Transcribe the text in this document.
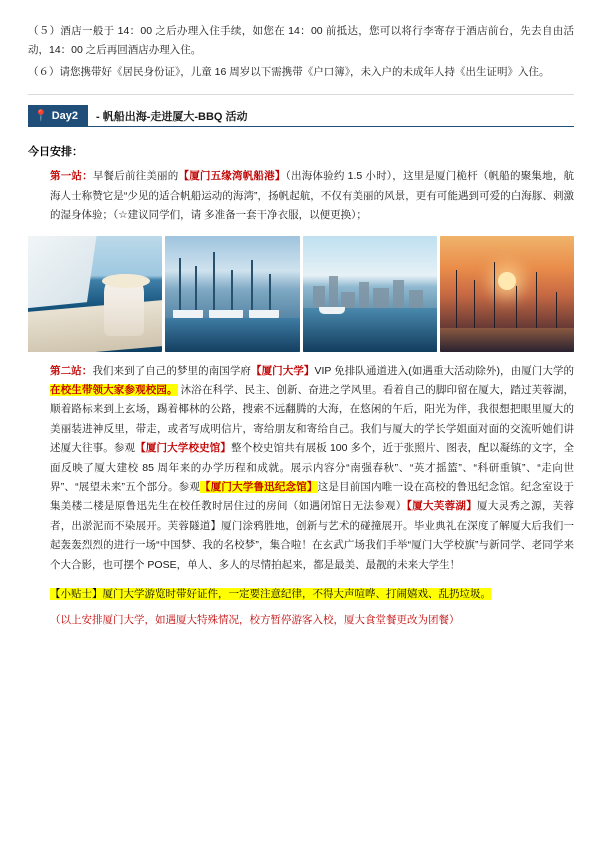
（５）酒店一般于 14：00 之后办理入住手续，如您在 14：00 前抵达，您可以将行李寄存于酒店前台，先去自由活动，14：00 之后再回酒店办理入住。

（６）请您携带好《居民身份证》，儿童 16 周岁以下需携带《户口簿》，未入户的未成年人持《出生证明》入住。

📍 Day2	- 帆船出海-走进厦大-BBQ 活动
今日安排：
第一站：早餐后前往美丽的【厦门五缘湾帆船港】（出海体验约 1.5 小时），这里是厦门桅杆（帆船的聚集地，航海人士称赞它是“少见的适合帆船运动的海湾”，扬帆起航，不仅有美丽的风景，更有可能遇到可爱的白海豚、刺激的湿身体验；（☆建议同学们，请 多准备一套干净衣服，以便更换）；
第二站：我们来到了自己的梦里的南国学府【厦门大学】VIP 免排队通道进入(如遇重大活动除外)，由厦门大学的在校生带领大家参观校园。 沐浴在科学、民主、创新、奋进之学风里。看着自己的脚印留在厦大，踏过芙蓉湖，顺着路标来到上玄场，踢着椰林的公路，搜索不远翻腾的大海，在悠闲的午后，阳光为伴，我很想把眼里厦大的美丽装进神反里，带走，或者写成明信片，寄给朋友和寄给自己。我们与厦大的学长学姐面对面的交流听她们讲述厦大往事。参观【厦门大学校史馆】整个校史馆共有展板 100 多个，近于张照片、图表，配以凝练的文字，全面反映了厦大建校 85 周年来的办学历程和成就。展示内容分“南强春秋”、“英才摇篮”、“科研重镇”、“走向世界”、“展望未来”五个部分。参观【厦门大学鲁迅纪念馆】这是目前国内唯一设在高校的鲁迅纪念馆。纪念室设于集美楼二楼是原鲁迅先生在校任教时居住过的房间（如遇闭馆日无法参观）【厦大芙蓉湖】厦大灵秀之源，芙蓉者，出淤泥而不染展开。芙蓉隧道】厦门涂鸦胜地，创新与艺术的碰撞展开。毕业典礼在深度了解厦大后我们一起轰轰烈烈的进行一场“中国梦、我的名校梦”，集合啦！在玄武广场我们手举“厦门大学校旗”与新同学、老同学来个大合影，也可摆个 POSE，单人、多人的尽情拍起来，都是最美、最靓的未来大学生！
【小贴士】厦门大学游览时带好证件，一定要注意纪律，不得大声喧哗、打闹嬉戏、乱扔垃圾。
（以上安排厦门大学，如遇厦大特殊情况，校方暂停游客入校，厦大食堂餐更改为团餐）
